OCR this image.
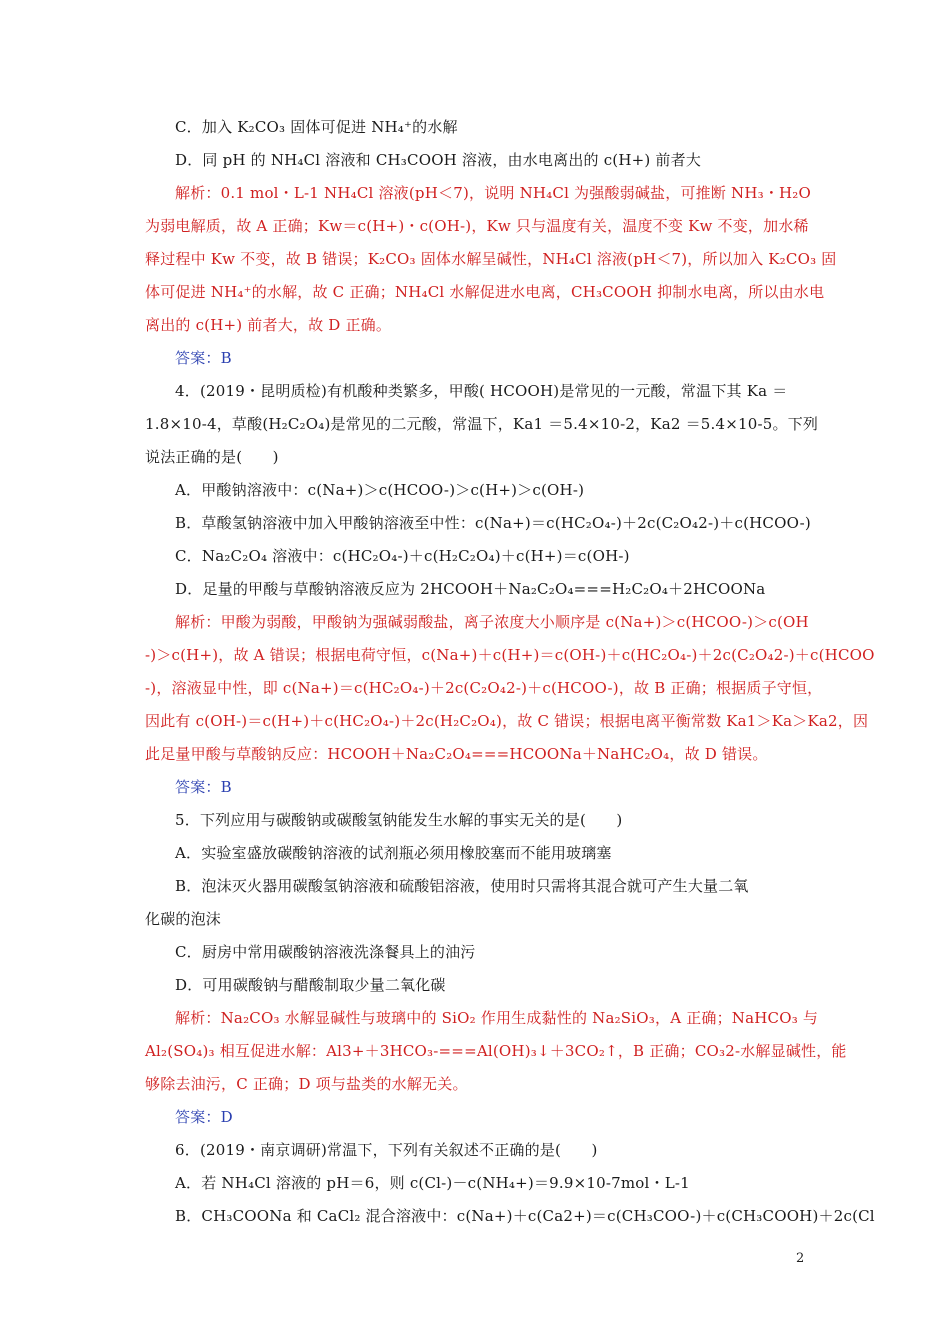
C．加入 K₂CO₃ 固体可促进 NH₄⁺的水解
D．同 pH 的 NH₄Cl 溶液和 CH₃COOH 溶液，由水电离出的 c(H+) 前者大
解析：0.1 mol・L-1 NH₄Cl 溶液(pH＜7)，说明 NH₄Cl 为强酸弱碱盐，可推断 NH₃・H₂O
为弱电解质，故 A 正确；Kw＝c(H+)・c(OH-)，Kw 只与温度有关，温度不变 Kw 不变，加水稀
释过程中 Kw 不变，故 B 错误；K₂CO₃ 固体水解呈碱性，NH₄Cl 溶液(pH＜7)，所以加入 K₂CO₃ 固
体可促进 NH₄⁺的水解，故 C 正确；NH₄Cl 水解促进水电离，CH₃COOH 抑制水电离，所以由水电
离出的 c(H+) 前者大，故 D 正确。
答案：B
4．(2019・昆明质检)有机酸种类繁多，甲酸( HCOOH)是常见的一元酸，常温下其 Ka ＝
1.8×10-4，草酸(H₂C₂O₄)是常见的二元酸，常温下，Ka1 ＝5.4×10-2，Ka2 ＝5.4×10-5。下列
说法正确的是(　　)
A．甲酸钠溶液中：c(Na+)＞c(HCOO-)＞c(H+)＞c(OH-)
B．草酸氢钠溶液中加入甲酸钠溶液至中性：c(Na+)＝c(HC₂O₄-)＋2c(C₂O₄2-)＋c(HCOO-)
C．Na₂C₂O₄ 溶液中：c(HC₂O₄-)＋c(H₂C₂O₄)＋c(H+)＝c(OH-)
D．足量的甲酸与草酸钠溶液反应为 2HCOOH＋Na₂C₂O₄===H₂C₂O₄＋2HCOONa
解析：甲酸为弱酸，甲酸钠为强碱弱酸盐，离子浓度大小顺序是 c(Na+)＞c(HCOO-)＞c(OH
-)＞c(H+)，故 A 错误；根据电荷守恒，c(Na+)＋c(H+)＝c(OH-)＋c(HC₂O₄-)＋2c(C₂O₄2-)＋c(HCOO
-)，溶液显中性，即 c(Na+)＝c(HC₂O₄-)＋2c(C₂O₄2-)＋c(HCOO-)，故 B 正确；根据质子守恒，
因此有 c(OH-)＝c(H+)＋c(HC₂O₄-)＋2c(H₂C₂O₄)，故 C 错误；根据电离平衡常数 Ka1＞Ka＞Ka2，因
此足量甲酸与草酸钠反应：HCOOH＋Na₂C₂O₄===HCOONa＋NaHC₂O₄，故 D 错误。
答案：B
5．下列应用与碳酸钠或碳酸氢钠能发生水解的事实无关的是(　　)
A．实验室盛放碳酸钠溶液的试剂瓶必须用橡胶塞而不能用玻璃塞
B．泡沫灭火器用碳酸氢钠溶液和硫酸铝溶液，使用时只需将其混合就可产生大量二氧
化碳的泡沫
C．厨房中常用碳酸钠溶液洗涤餐具上的油污
D．可用碳酸钠与醋酸制取少量二氧化碳
解析：Na₂CO₃ 水解显碱性与玻璃中的 SiO₂ 作用生成黏性的 Na₂SiO₃，A 正确；NaHCO₃ 与
Al₂(SO₄)₃ 相互促进水解：Al3+＋3HCO₃-===Al(OH)₃↓＋3CO₂↑，B 正确；CO₃2-水解显碱性，能
够除去油污，C 正确；D 项与盐类的水解无关。
答案：D
6．(2019・南京调研)常温下，下列有关叙述不正确的是(　　)
A．若 NH₄Cl 溶液的 pH＝6，则 c(Cl-)－c(NH₄+)＝9.9×10-7mol・L-1
B．CH₃COONa 和 CaCl₂ 混合溶液中：c(Na+)＋c(Ca2+)＝c(CH₃COO-)＋c(CH₃COOH)＋2c(Cl
2
